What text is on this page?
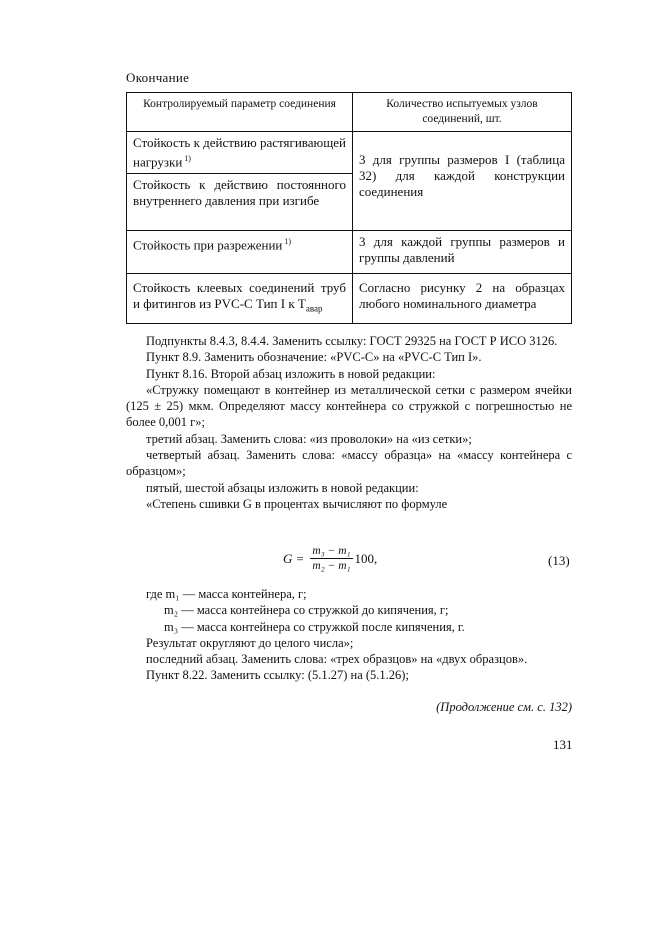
Окончание
Контролируемый параметр соединения	Количество испытуемых узлов соединений, шт.
Стойкость к действию растягивающей нагрузки $^{1)}$	3 для группы размеров I (таблица 32) для каждой конструкции соединения
Стойкость к действию постоянного внутреннего давления при изгибе	
Стойкость при разрежении $^{1)}$	3 для каждой группы размеров и группы давлений
Стойкость клеевых соединений труб и фитингов из PVC-C Тип I к $T_{авар}$	Согласно рисунку 2 на образцах любого номинального диаметра

Подпункты 8.4.3, 8.4.4. Заменить ссылку: ГОСТ 29325 на ГОСТ Р ИСО 3126.

Пункт 8.9. Заменить обозначение: «PVC-C» на «PVC-C Тип I».

Пункт 8.16. Второй абзац изложить в новой редакции:

«Стружку помещают в контейнер из металлической сетки с размером ячейки (125 ± 25) мкм. Определяют массу контейнера со стружкой с погрешностью не более 0,001 г»;

третий абзац. Заменить слова: «из проволоки» на «из сетки»;

четвертый абзац. Заменить слова: «массу образца» на «массу контейнера с образцом»;

пятый, шестой абзацы изложить в новой редакции:

«Степень сшивки G в процентах вычисляют по формуле

$G = \frac{\text{m₃ − m₁}}{\text{m₂ − m₁}} 100$,	(13)

где m₁ — масса контейнера, г;

m₂ — масса контейнера со стружкой до кипячения, г;

m₃ — масса контейнера со стружкой после кипячения, г.

Результат округляют до целого числа»;

последний абзац. Заменить слова: «трех образцов» на «двух образцов».

Пункт 8.22. Заменить ссылку: (5.1.27) на (5.1.26);

(Продолжение см. с. 132)
131
